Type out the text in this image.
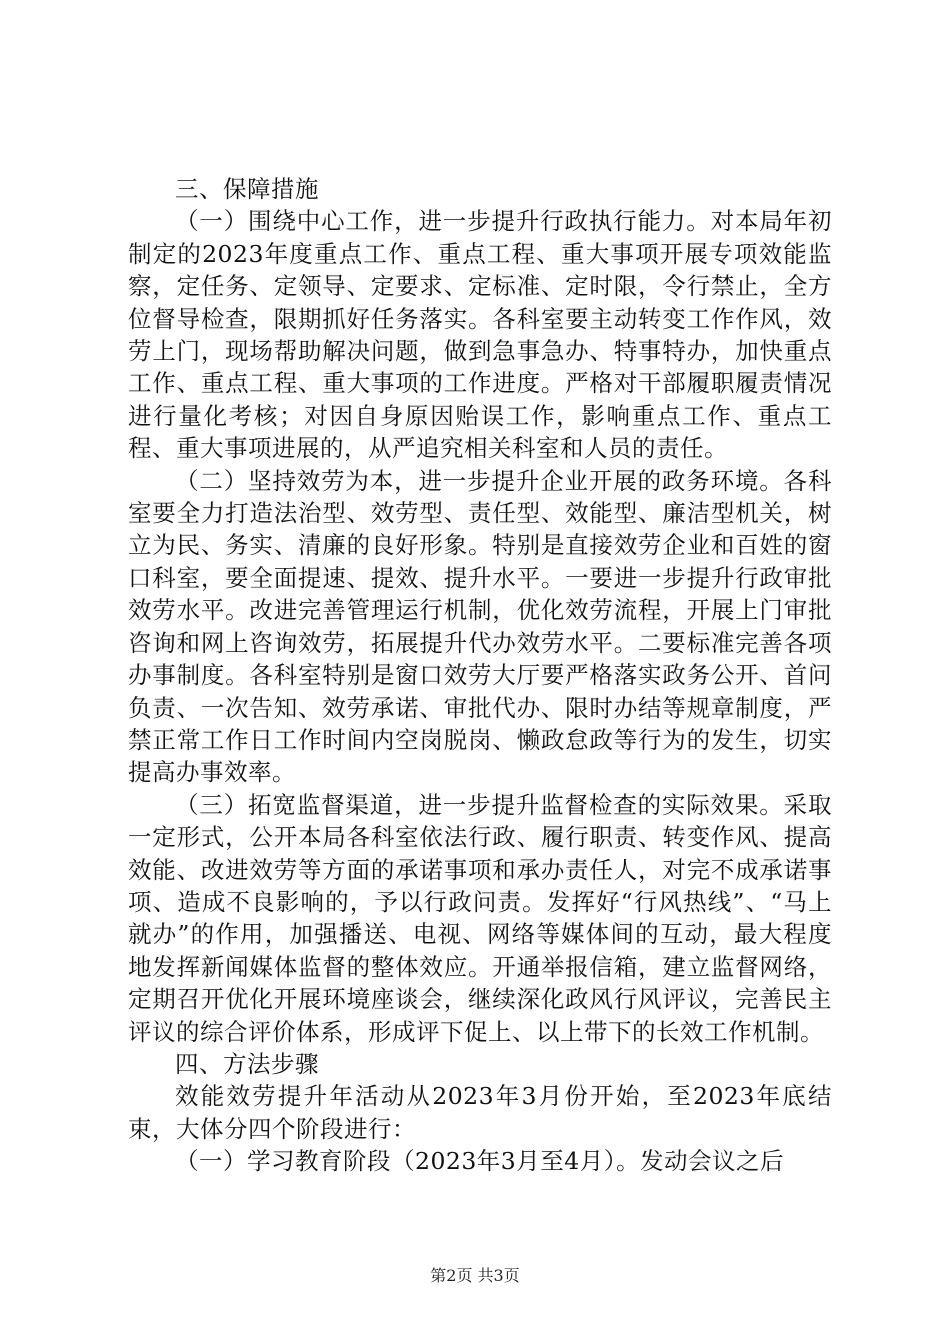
三、保障措施

（一）围绕中心工作，进一步提升行政执行能力。对本局年初制定的2023年度重点工作、重点工程、重大事项开展专项效能监察，定任务、定领导、定要求、定标准、定时限，令行禁止，全方位督导检查，限期抓好任务落实。各科室要主动转变工作作风，效劳上门，现场帮助解决问题，做到急事急办、特事特办，加快重点工作、重点工程、重大事项的工作进度。严格对干部履职履责情况进行量化考核；对因自身原因贻误工作，影响重点工作、重点工程、重大事项进展的，从严追究相关科室和人员的责任。

（二）坚持效劳为本，进一步提升企业开展的政务环境。各科室要全力打造法治型、效劳型、责任型、效能型、廉洁型机关，树立为民、务实、清廉的良好形象。特别是直接效劳企业和百姓的窗口科室，要全面提速、提效、提升水平。一要进一步提升行政审批效劳水平。改进完善管理运行机制，优化效劳流程，开展上门审批咨询和网上咨询效劳，拓展提升代办效劳水平。二要标准完善各项办事制度。各科室特别是窗口效劳大厅要严格落实政务公开、首问负责、一次告知、效劳承诺、审批代办、限时办结等规章制度，严禁正常工作日工作时间内空岗脱岗、懒政怠政等行为的发生，切实提高办事效率。

（三）拓宽监督渠道，进一步提升监督检查的实际效果。采取一定形式，公开本局各科室依法行政、履行职责、转变作风、提高效能、改进效劳等方面的承诺事项和承办责任人，对完不成承诺事项、造成不良影响的，予以行政问责。发挥好“行风热线”、“马上就办”的作用，加强播送、电视、网络等媒体间的互动，最大程度地发挥新闻媒体监督的整体效应。开通举报信箱，建立监督网络，定期召开优化开展环境座谈会，继续深化政风行风评议，完善民主评议的综合评价体系，形成评下促上、以上带下的长效工作机制。

四、方法步骤

效能效劳提升年活动从2023年3月份开始，至2023年底结束，大体分四个阶段进行：

（一）学习教育阶段（2023年3月至4月）。发动会议之后

第2页 共3页
